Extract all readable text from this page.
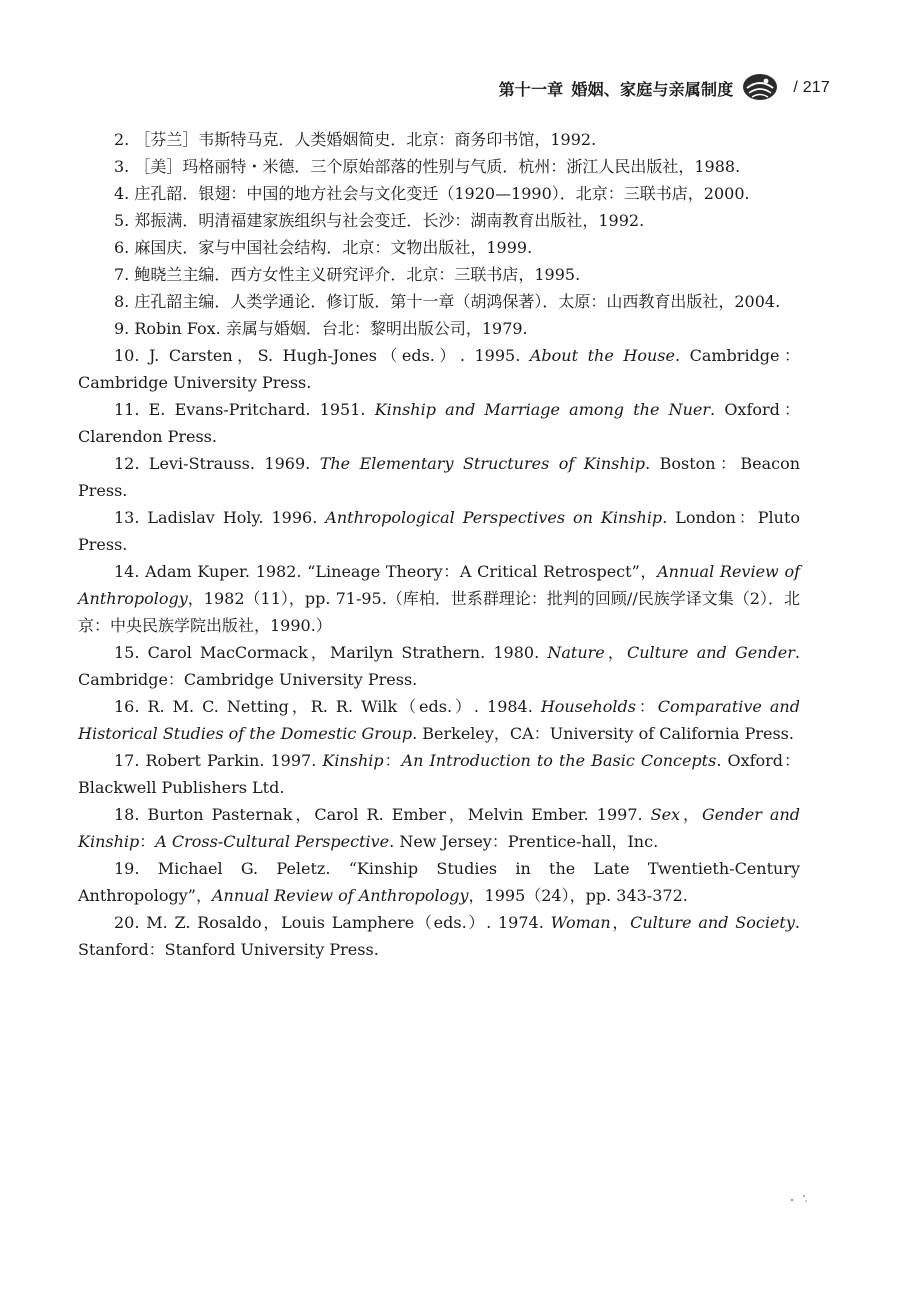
第十一章 婚姻、家庭与亲属制度	/ 217

2. ［芬兰］韦斯特马克．人类婚姻简史．北京：商务印书馆，1992.

3. ［美］玛格丽特・米德．三个原始部落的性别与气质．杭州：浙江人民出版社，1988.

4. 庄孔韶．银翅：中国的地方社会与文化变迁（1920—1990）．北京：三联书店，2000.

5. 郑振满．明清福建家族组织与社会变迁．长沙：湖南教育出版社，1992.

6. 麻国庆．家与中国社会结构．北京：文物出版社，1999.

7. 鲍晓兰主编．西方女性主义研究评介．北京：三联书店，1995.

8. 庄孔韶主编．人类学通论．修订版．第十一章（胡鸿保著）．太原：山西教育出版社，2004.

9. Robin Fox. 亲属与婚姻．台北：黎明出版公司，1979.

10. J. Carsten，S. Hugh-Jones（eds.）. 1995. About the House. Cambridge：Cambridge University Press.

11. E. Evans-Pritchard. 1951. Kinship and Marriage among the Nuer. Oxford：Clarendon Press.

12. Levi-Strauss. 1969. The Elementary Structures of Kinship. Boston：Beacon Press.

13. Ladislav Holy. 1996. Anthropological Perspectives on Kinship. London：Pluto Press.

14. Adam Kuper. 1982. “Lineage Theory：A Critical Retrospect”，Annual Review of Anthropology，1982（11），pp. 71-95.（库柏．世系群理论：批判的回顾//民族学译文集（2）．北京：中央民族学院出版社，1990.）

15. Carol MacCormack，Marilyn Strathern. 1980. Nature，Culture and Gender. Cambridge：Cambridge University Press.

16. R. M. C. Netting，R. R. Wilk（eds.）. 1984. Households：Comparative and Historical Studies of the Domestic Group. Berkeley，CA：University of California Press.

17. Robert Parkin. 1997. Kinship：An Introduction to the Basic Concepts. Oxford：Blackwell Publishers Ltd.

18. Burton Pasternak，Carol R. Ember，Melvin Ember. 1997. Sex，Gender and Kinship：A Cross-Cultural Perspective. New Jersey：Prentice-hall，Inc.

19. Michael G. Peletz. “Kinship Studies in the Late Twentieth-Century Anthropology”，Annual Review of Anthropology，1995（24），pp. 343-372.

20. M. Z. Rosaldo，Louis Lamphere（eds.）. 1974. Woman，Culture and Society. Stanford：Stanford University Press.
